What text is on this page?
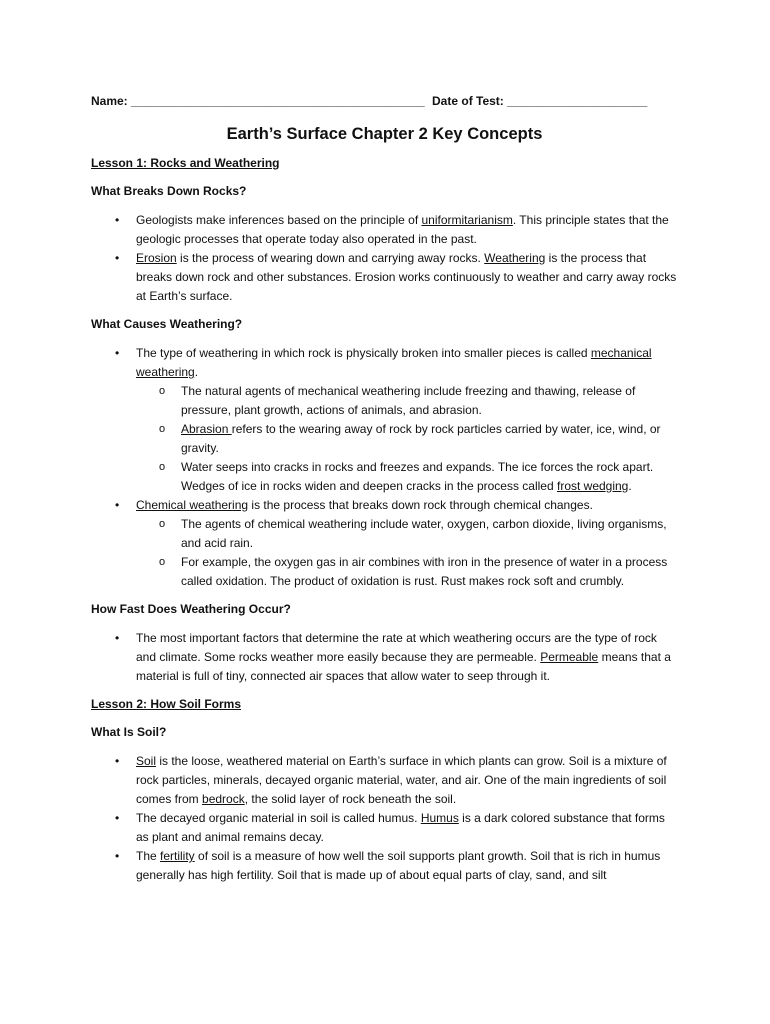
Name: ____________________________________________ Date of Test: _____________________
Earth’s Surface Chapter 2 Key Concepts
Lesson 1: Rocks and Weathering
What Breaks Down Rocks?
• Geologists make inferences based on the principle of uniformitarianism. This principle states that the geologic processes that operate today also operated in the past.
• Erosion is the process of wearing down and carrying away rocks. Weathering is the process that breaks down rock and other substances. Erosion works continuously to weather and carry away rocks at Earth’s surface.
What Causes Weathering?
• The type of weathering in which rock is physically broken into smaller pieces is called mechanical weathering.
o The natural agents of mechanical weathering include freezing and thawing, release of pressure, plant growth, actions of animals, and abrasion.
o Abrasion refers to the wearing away of rock by rock particles carried by water, ice, wind, or gravity.
o Water seeps into cracks in rocks and freezes and expands. The ice forces the rock apart. Wedges of ice in rocks widen and deepen cracks in the process called frost wedging.
• Chemical weathering is the process that breaks down rock through chemical changes.
o The agents of chemical weathering include water, oxygen, carbon dioxide, living organisms, and acid rain.
o For example, the oxygen gas in air combines with iron in the presence of water in a process called oxidation. The product of oxidation is rust. Rust makes rock soft and crumbly.
How Fast Does Weathering Occur?
• The most important factors that determine the rate at which weathering occurs are the type of rock and climate. Some rocks weather more easily because they are permeable. Permeable means that a material is full of tiny, connected air spaces that allow water to seep through it.
Lesson 2: How Soil Forms
What Is Soil?
• Soil is the loose, weathered material on Earth’s surface in which plants can grow. Soil is a mixture of rock particles, minerals, decayed organic material, water, and air. One of the main ingredients of soil comes from bedrock, the solid layer of rock beneath the soil.
• The decayed organic material in soil is called humus. Humus is a dark colored substance that forms as plant and animal remains decay.
• The fertility of soil is a measure of how well the soil supports plant growth. Soil that is rich in humus generally has high fertility. Soil that is made up of about equal parts of clay, sand, and silt
